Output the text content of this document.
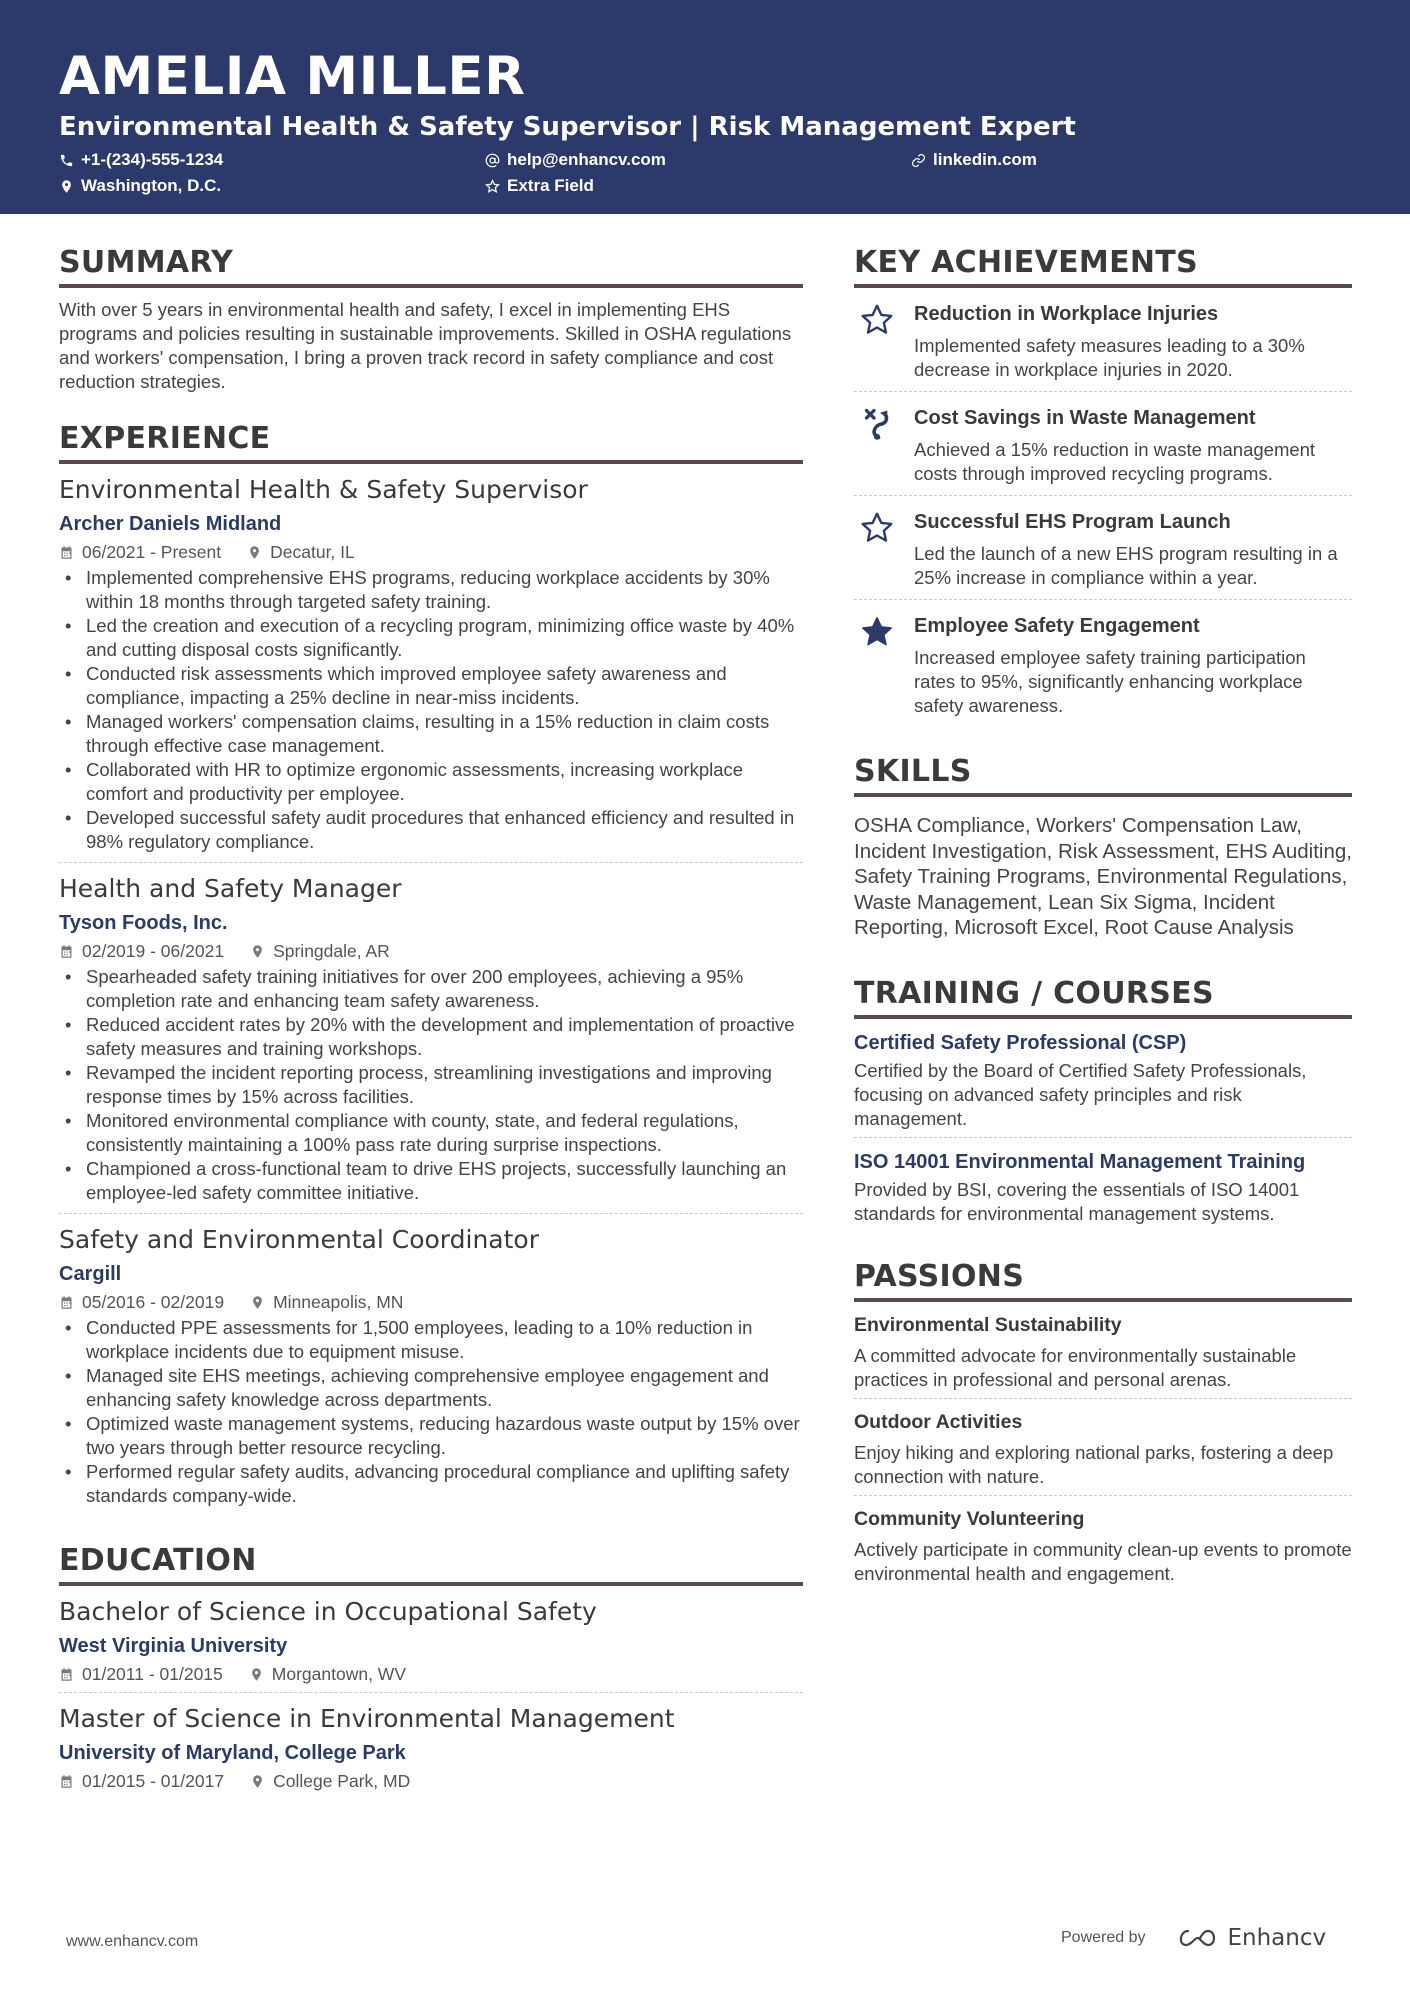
AMELIA MILLER
Environmental Health & Safety Supervisor | Risk Management Expert
+1-(234)-555-1234	help@enhancv.com	linkedin.com
Washington, D.C.	Extra Field
SUMMARY
With over 5 years in environmental health and safety, I excel in implementing EHS programs and policies resulting in sustainable improvements. Skilled in OSHA regulations and workers' compensation, I bring a proven track record in safety compliance and cost reduction strategies.
EXPERIENCE
Environmental Health & Safety Supervisor
Archer Daniels Midland
06/2021 - Present	Decatur, IL
• Implemented comprehensive EHS programs, reducing workplace accidents by 30% within 18 months through targeted safety training.
• Led the creation and execution of a recycling program, minimizing office waste by 40% and cutting disposal costs significantly.
• Conducted risk assessments which improved employee safety awareness and compliance, impacting a 25% decline in near-miss incidents.
• Managed workers' compensation claims, resulting in a 15% reduction in claim costs through effective case management.
• Collaborated with HR to optimize ergonomic assessments, increasing workplace comfort and productivity per employee.
• Developed successful safety audit procedures that enhanced efficiency and resulted in 98% regulatory compliance.
Health and Safety Manager
Tyson Foods, Inc.
02/2019 - 06/2021	Springdale, AR
• Spearheaded safety training initiatives for over 200 employees, achieving a 95% completion rate and enhancing team safety awareness.
• Reduced accident rates by 20% with the development and implementation of proactive safety measures and training workshops.
• Revamped the incident reporting process, streamlining investigations and improving response times by 15% across facilities.
• Monitored environmental compliance with county, state, and federal regulations, consistently maintaining a 100% pass rate during surprise inspections.
• Championed a cross-functional team to drive EHS projects, successfully launching an employee-led safety committee initiative.
Safety and Environmental Coordinator
Cargill
05/2016 - 02/2019	Minneapolis, MN
• Conducted PPE assessments for 1,500 employees, leading to a 10% reduction in workplace incidents due to equipment misuse.
• Managed site EHS meetings, achieving comprehensive employee engagement and enhancing safety knowledge across departments.
• Optimized waste management systems, reducing hazardous waste output by 15% over two years through better resource recycling.
• Performed regular safety audits, advancing procedural compliance and uplifting safety standards company-wide.
EDUCATION
Bachelor of Science in Occupational Safety
West Virginia University
01/2011 - 01/2015	Morgantown, WV
Master of Science in Environmental Management
University of Maryland, College Park
01/2015 - 01/2017	College Park, MD
KEY ACHIEVEMENTS
Reduction in Workplace Injuries
Implemented safety measures leading to a 30% decrease in workplace injuries in 2020.
Cost Savings in Waste Management
Achieved a 15% reduction in waste management costs through improved recycling programs.
Successful EHS Program Launch
Led the launch of a new EHS program resulting in a 25% increase in compliance within a year.
Employee Safety Engagement
Increased employee safety training participation rates to 95%, significantly enhancing workplace safety awareness.
SKILLS
OSHA Compliance, Workers' Compensation Law, Incident Investigation, Risk Assessment, EHS Auditing, Safety Training Programs, Environmental Regulations, Waste Management, Lean Six Sigma, Incident Reporting, Microsoft Excel, Root Cause Analysis
TRAINING / COURSES
Certified Safety Professional (CSP)
Certified by the Board of Certified Safety Professionals, focusing on advanced safety principles and risk management.
ISO 14001 Environmental Management Training
Provided by BSI, covering the essentials of ISO 14001 standards for environmental management systems.
PASSIONS
Environmental Sustainability
A committed advocate for environmentally sustainable practices in professional and personal arenas.
Outdoor Activities
Enjoy hiking and exploring national parks, fostering a deep connection with nature.
Community Volunteering
Actively participate in community clean-up events to promote environmental health and engagement.
www.enhancv.com	Powered by	Enhancv
